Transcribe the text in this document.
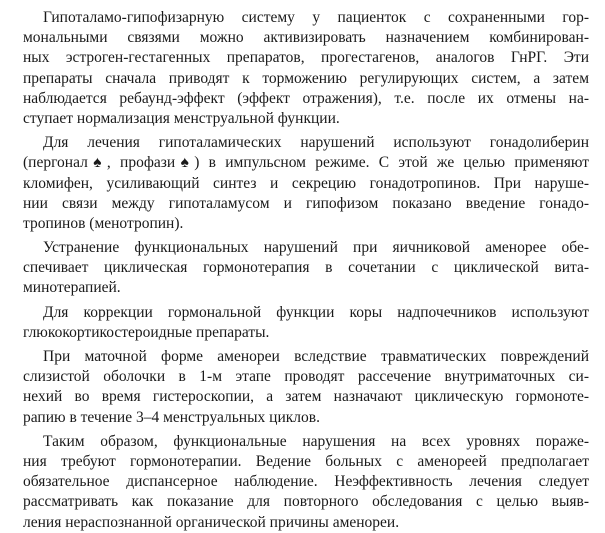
Гипоталамо-гипофизарную систему у пациенток с сохраненными гор-
мональными связями можно активизировать назначением комбинирован-
ных эстроген-гестагенных препаратов, прогестагенов, аналогов ГнРГ. Эти
препараты сначала приводят к торможению регулирующих систем, а затем
наблюдается ребаунд-эффект (эффект отражения), т.е. после их отмены на-
ступает нормализация менструальной функции.
Для лечения гипоталамических нарушений используют гонадолиберин
(пергонал♠, профази♠) в импульсном режиме. С этой же целью применяют
кломифен, усиливающий синтез и секрецию гонадотропинов. При наруше-
нии связи между гипоталамусом и гипофизом показано введение гонадо-
тропинов (менотропин).
Устранение функциональных нарушений при яичниковой аменорее обе-
спечивает циклическая гормонотерапия в сочетании с циклической вита-
минотерапией.
Для коррекции гормональной функции коры надпочечников используют
глюкокортикостероидные препараты.
При маточной форме аменореи вследствие травматических повреждений
слизистой оболочки в 1-м этапе проводят рассечение внутриматочных си-
нехий во время гистероскопии, а затем назначают циклическую гормоноте-
рапию в течение 3–4 менструальных циклов.
Таким образом, функциональные нарушения на всех уровнях пораже-
ния требуют гормонотерапии. Ведение больных с аменореей предполагает
обязательное диспансерное наблюдение. Неэффективность лечения следует
рассматривать как показание для повторного обследования с целью выяв-
ления нераспознанной органической причины аменореи.
